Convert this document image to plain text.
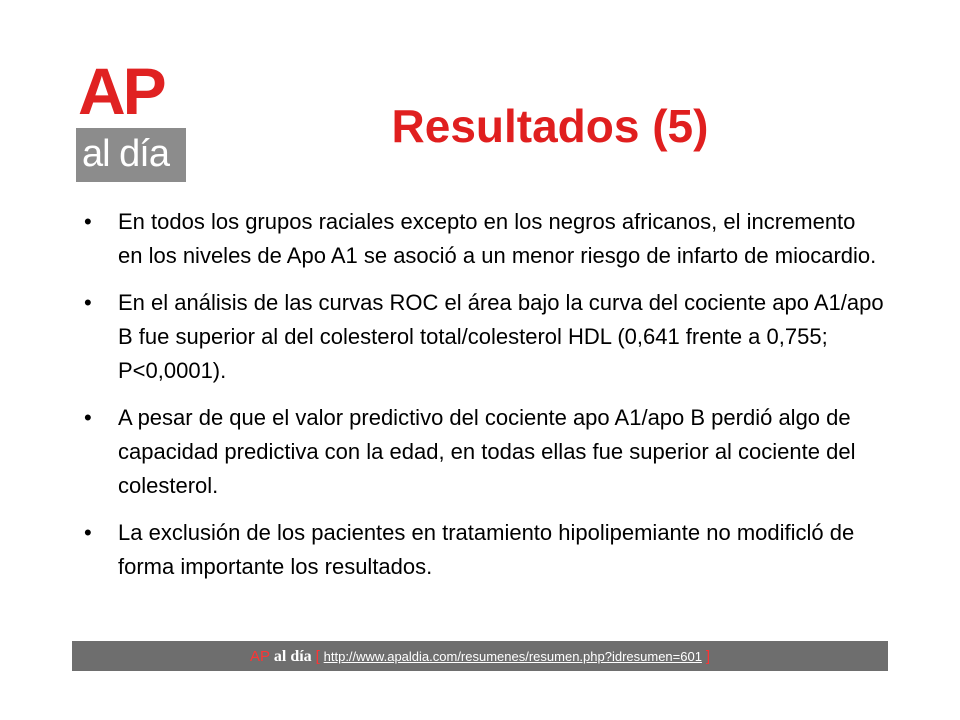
AP
al día
Resultados (5)
•	En todos los grupos raciales excepto en los negros africanos, el incremento en los niveles de Apo A1 se asoció a un menor riesgo de infarto de miocardio.
•	En el análisis de las curvas ROC el área bajo la curva del cociente apo A1/apo B fue superior al del colesterol total/colesterol HDL (0,641 frente a 0,755; P<0,0001).
•	A pesar de que el valor predictivo del cociente apo A1/apo B perdió algo de capacidad predictiva con la edad, en todas ellas fue superior al cociente del colesterol.
•	La exclusión de los pacientes en tratamiento hipolipemiante no modificló de forma importante los resultados.
AP al día [ http://www.apaldia.com/resumenes/resumen.php?idresumen=601 ]
